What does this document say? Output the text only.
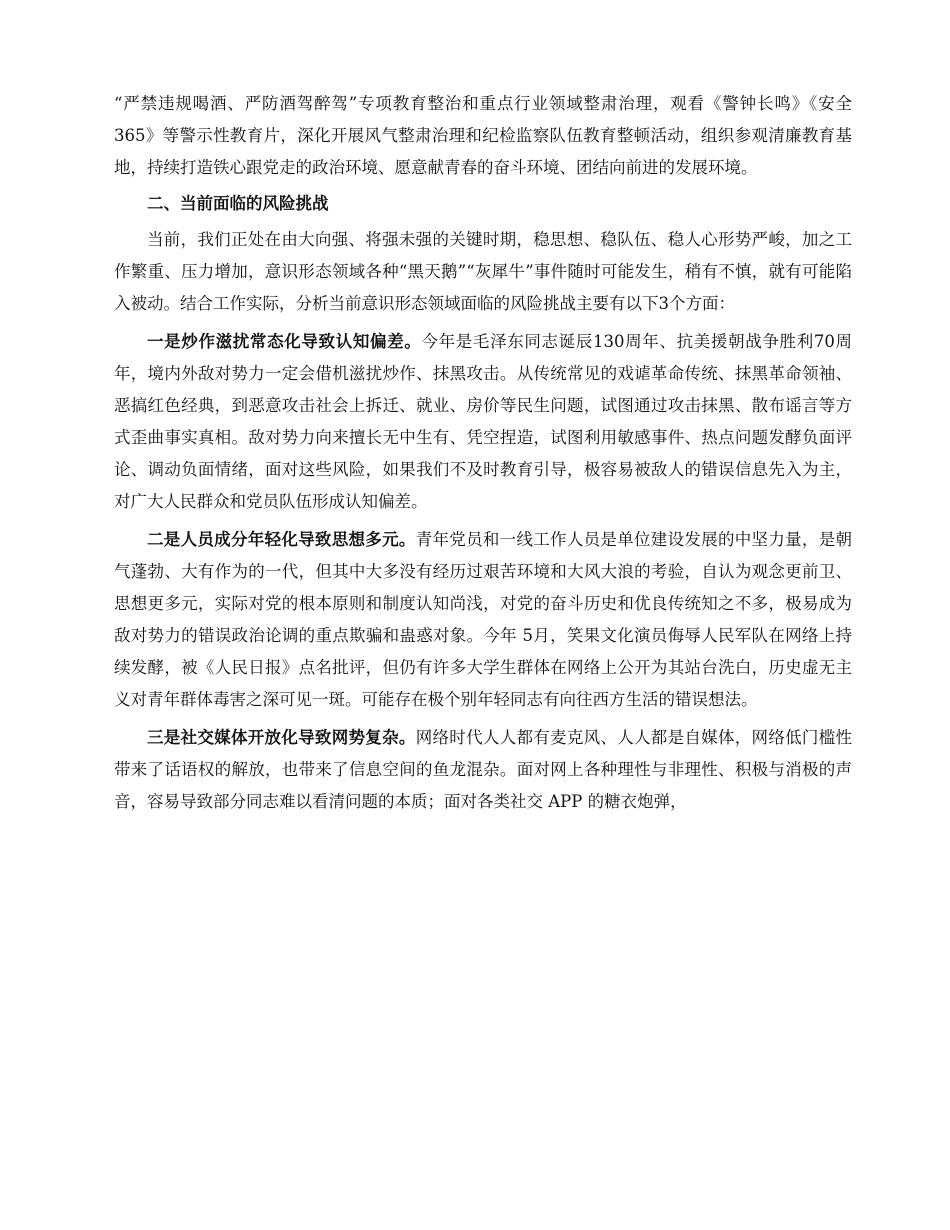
“严禁违规喝酒、严防酒驾醉驾”专项教育整治和重点行业领域整肃治理，观看《警钟长鸣》《安全365》等警示性教育片，深化开展风气整肃治理和纪检监察队伍教育整顿活动，组织参观清廉教育基地，持续打造铁心跟党走的政治环境、愿意献青春的奋斗环境、团结向前进的发展环境。

二、当前面临的风险挑战

当前，我们正处在由大向强、将强未强的关键时期，稳思想、稳队伍、稳人心形势严峻，加之工作繁重、压力增加，意识形态领域各种“黑天鹅”“灰犀牛”事件随时可能发生，稍有不慎，就有可能陷入被动。结合工作实际，分析当前意识形态领域面临的风险挑战主要有以下3个方面：

一是炒作滋扰常态化导致认知偏差。今年是毛泽东同志诞辰130周年、抗美援朝战争胜利70周年，境内外敌对势力一定会借机滋扰炒作、抹黑攻击。从传统常见的戏谑革命传统、抹黑革命领袖、恶搞红色经典，到恶意攻击社会上拆迁、就业、房价等民生问题，试图通过攻击抹黑、散布谣言等方式歪曲事实真相。敌对势力向来擅长无中生有、凭空捏造，试图利用敏感事件、热点问题发酵负面评论、调动负面情绪，面对这些风险，如果我们不及时教育引导，极容易被敌人的错误信息先入为主，对广大人民群众和党员队伍形成认知偏差。

二是人员成分年轻化导致思想多元。青年党员和一线工作人员是单位建设发展的中坚力量，是朝气蓬勃、大有作为的一代，但其中大多没有经历过艰苦环境和大风大浪的考验，自认为观念更前卫、思想更多元，实际对党的根本原则和制度认知尚浅，对党的奋斗历史和优良传统知之不多，极易成为敌对势力的错误政治论调的重点欺骗和蛊惑对象。今年 5月，笑果文化演员侮辱人民军队在网络上持续发酵，被《人民日报》点名批评，但仍有许多大学生群体在网络上公开为其站台洗白，历史虚无主义对青年群体毒害之深可见一斑。可能存在极个别年轻同志有向往西方生活的错误想法。

三是社交媒体开放化导致网势复杂。网络时代人人都有麦克风、人人都是自媒体，网络低门槛性带来了话语权的解放，也带来了信息空间的鱼龙混杂。面对网上各种理性与非理性、积极与消极的声音，容易导致部分同志难以看清问题的本质；面对各类社交 APP 的糖衣炮弹，
